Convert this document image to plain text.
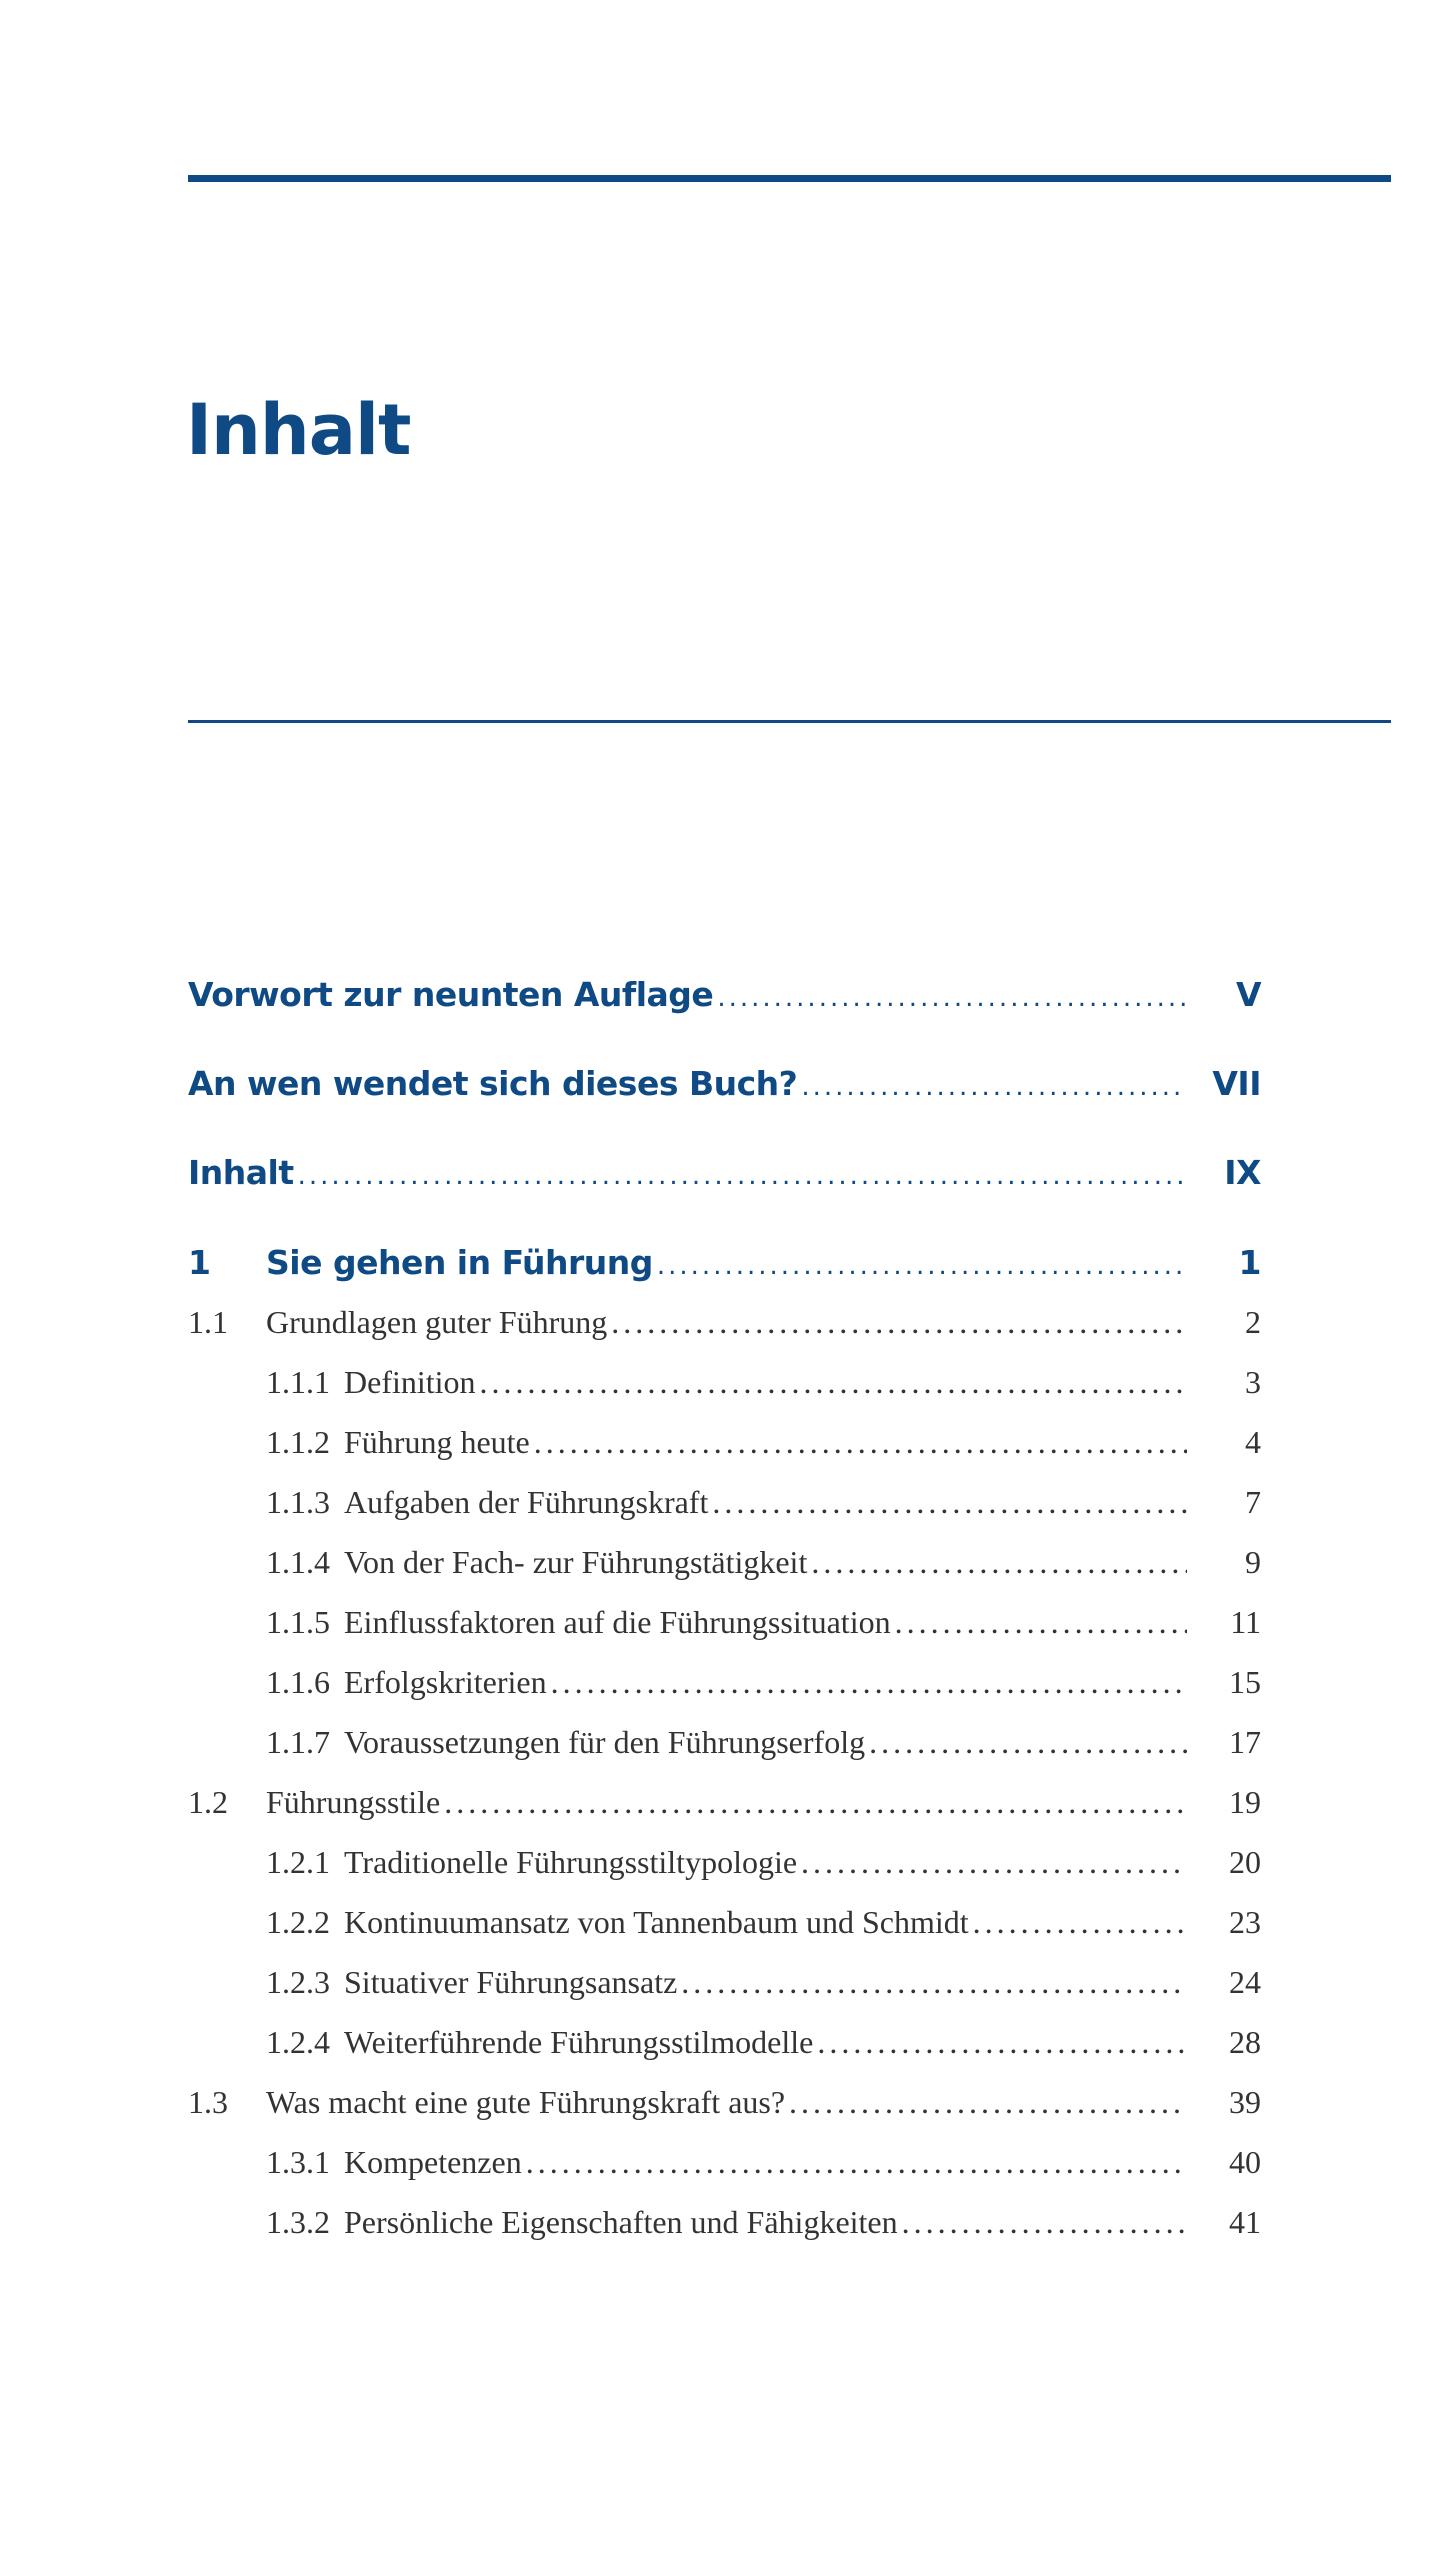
Inhalt
Vorwort zur neunten Auflage .....	V
An wen wendet sich dieses Buch? .....	VII
Inhalt .....	IX
1	Sie gehen in Führung .....	1
1.1	Grundlagen guter Führung .....	2
1.1.1 Definition .....	3
1.1.2 Führung heute .....	4
1.1.3 Aufgaben der Führungskraft .....	7
1.1.4 Von der Fach- zur Führungstätigkeit .....	9
1.1.5 Einflussfaktoren auf die Führungssituation .....	11
1.1.6 Erfolgskriterien .....	15
1.1.7 Voraussetzungen für den Führungserfolg .....	17
1.2	Führungsstile .....	19
1.2.1 Traditionelle Führungsstiltypologie .....	20
1.2.2 Kontinuumansatz von Tannenbaum und Schmidt .....	23
1.2.3 Situativer Führungsansatz .....	24
1.2.4 Weiterführende Führungsstilmodelle .....	28
1.3	Was macht eine gute Führungskraft aus? .....	39
1.3.1 Kompetenzen .....	40
1.3.2 Persönliche Eigenschaften und Fähigkeiten .....	41
